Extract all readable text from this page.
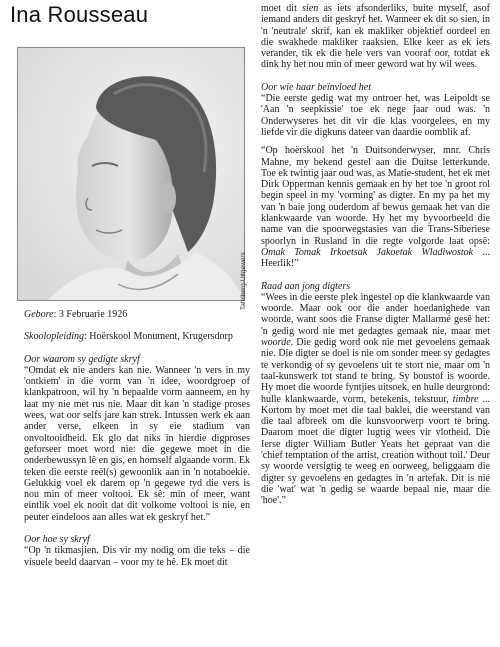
Ina Rousseau
Tafelberg-Uitgewers

Gebore: 3 Februarie 1926

Skoolopleiding: Hoërskool Monument, Krugersdorp

Oor waarom sy gedigte skryf

“Omdat ek nie anders kan nie. Wanneer 'n vers in my 'ontkiem' in die vorm van 'n idee, woordgroep of klankpatroon, wil hy 'n bepaalde vorm aanneem, en hy laat my nie met rus nie. Maar dit kan 'n stadige proses wees, wat oor selfs jare kan strek. Intussen werk ek aan ander verse, elkeen in sy eie stadium van onvoltooidheid. Ek glo dat niks in hierdie digproses geforseer moet word nie: die gegewe moet in die onderbewussyn lê en gis, en homself algaande vorm. Ek teken die eerste reël(s) gewoonlik aan in 'n notaboekie. Gelukkig voel ek darem op 'n gegewe tyd die vers is nou min of meer voltooi. Ek sê: min of meer, want eintlik voel ek nooit dat dit volkome voltooi is nie, en peuter eindeloos aan alles wat ek geskryf het.”

Oor hoe sy skryf

“Op 'n tikmasjien. Dis vir my nodig om die teks – die visuele beeld daarvan – voor my te hê. Ek moet dit

moet dit sien as iets afsonderliks, buite myself, asof iemand anders dit geskryf het. Wanneer ek dit so sien, in 'n 'neutrale' skrif, kan ek makliker objektief oordeel en die swakhede makliker raaksien. Elke keer as ek iets verander, tik ek die hele vers van vooraf oor, totdat ek dink hy het nou min of meer geword wat hy wil wees.

Oor wie haar beïnvloed het

“Die eerste gedig wat my ontroer het, was Leipoldt se 'Aan 'n seepkissie' toe ek nege jaar oud was. 'n Onderwyseres het dit vir die klas voorgelees, en my liefde vir die digkuns dateer van daardie oomblik af.

“Op hoërskool het 'n Duitsonderwyser, mnr. Chris Mahne, my bekend gestel aan die Duitse letterkunde. Toe ek twintig jaar oud was, as Matie-student, het ek met Dirk Opperman kennis gemaak en hy het toe 'n groot rol begin speel in my 'vorming' as digter. En my pa het my van 'n baie jong ouderdom af bewus gemaak het van die klankwaarde van woorde. Hy het my byvoorbeeld die name van die spoorwegstasies van die Trans-Siberiese spoorlyn in Rusland in die regte volgorde laat opsê: Omak Tomak Irkoetsak Jakoetak Wladiwostok ... Heerlik!”

Raad aan jong digters

“Wees in die eerste plek ingestel op die klankwaarde van woorde. Maar ook oor die ander hoedanighede van woorde, want soos die Franse digter Mallarmé gesê het: 'n gedig word nie met gedagtes gemaak nie, maar met woorde. Die gedig word ook nie met gevoelens gemaak nie. Die digter se doel is nie om sonder meer sy gedagtes te verkondig of sy gevoelens uit te stort nie, maar om 'n taal-kunswerk tot stand te bring. Sy boustof is woorde. Hy moet die woorde fyntjies uitsoek, en hulle deurgrond: hulle klankwaarde, vorm, betekenis, tekstuur, timbre ... Kortom hy moet met die taal baklei, die weerstand van die taal afbreek om die kunsvoorwerp voort te bring. Daarom moet die digter lugtig wees vir vlotheid. Die Ierse digter William Butler Yeats het gepraat van die 'chief temptation of the artist, creation without toil.' Deur sy woorde versigtig te weeg en oorweeg, beliggaam die digter sy gevoelens en gedagtes in 'n artefak. Dit is nié die 'wat' wat 'n gedig se waarde bepaal nie, maar die 'hoe'.”
